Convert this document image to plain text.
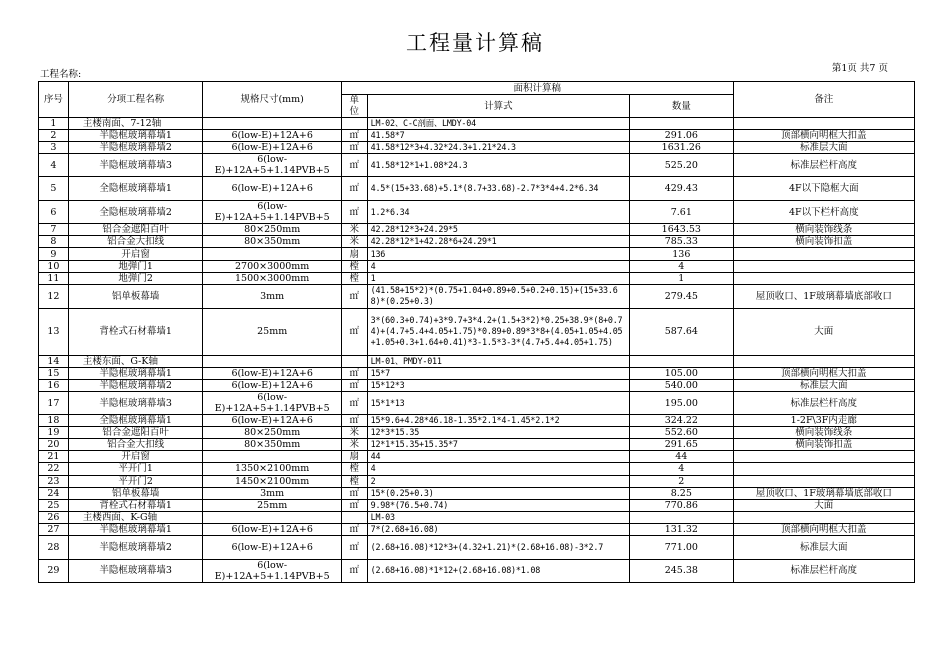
工程量计算稿
工程名称:
第1页 共7 页
序号	分项工程名称	规格尺寸(mm)	面积计算稿			备注
			单位	计算式	数量	
1	主楼南面、7-12轴			LM-02、C-C剖面、LMDY-04		
2	半隐框玻璃幕墙1	6(low-E)+12A+6	㎡	41.58*7	291.06	顶部横向明框大扣盖
3	半隐框玻璃幕墙2	6(low-E)+12A+6	㎡	41.58*12*3+4.32*24.3+1.21*24.3	1631.26	标准层大面
4	半隐框玻璃幕墙3	6(low-E)+12A+5+1.14PVB+5	㎡	41.58*12*1+1.08*24.3	525.20	标准层栏杆高度
5	全隐框玻璃幕墙1	6(low-E)+12A+6	㎡	4.5*(15+33.68)+5.1*(8.7+33.68)-2.7*3*4+4.2*6.34	429.43	4F以下隐框大面
6	全隐框玻璃幕墙2	6(low-E)+12A+5+1.14PVB+5	㎡	1.2*6.34	7.61	4F以下栏杆高度
7	铝合金遮阳百叶	80×250mm	米	42.28*12*3+24.29*5	1643.53	横向装饰线条
8	铝合金大扣线	80×350mm	米	42.28*12*1+42.28*6+24.29*1	785.33	横向装饰扣盖
9	开启窗		扇	136	136	
10	地弹门1	2700×3000mm	樘	4	4	
11	地弹门2	1500×3000mm	樘	1	1	
12	铝单板幕墙	3mm	㎡	(41.58+15*2)*(0.75+1.04+0.89+0.5+0.2+0.15)+(15+33.68)*(0.25+0.3)	279.45	屋顶收口、1F玻璃幕墙底部收口
13	背栓式石材幕墙1	25mm	㎡	3*(60.3+0.74)+3*9.7+3*4.2+(1.5+3*2)*0.25+38.9*(8+0.74)+(4.7+5.4+4.05+1.75)*0.89+0.89*3*8+(4.05+1.05+4.05+1.05+0.3+1.64+0.41)*3-1.5*3-3*(4.7+5.4+4.05+1.75)	587.64	大面
14	主楼东面、G-K轴			LM-01、PMDY-011		
15	半隐框玻璃幕墙1	6(low-E)+12A+6	㎡	15*7	105.00	顶部横向明框大扣盖
16	半隐框玻璃幕墙2	6(low-E)+12A+6	㎡	15*12*3	540.00	标准层大面
17	半隐框玻璃幕墙3	6(low-E)+12A+5+1.14PVB+5	㎡	15*1*13	195.00	标准层栏杆高度
18	全隐框玻璃幕墙1	6(low-E)+12A+6	㎡	15*9.6+4.28*46.18-1.35*2.1*4-1.45*2.1*2	324.22	1-2F\3F内走廊
19	铝合金遮阳百叶	80×250mm	米	12*3*15.35	552.60	横向装饰线条
20	铝合金大扣线	80×350mm	米	12*1*15.35+15.35*7	291.65	横向装饰扣盖
21	开启窗		扇	44	44	
22	平开门1	1350×2100mm	樘	4	4	
23	平开门2	1450×2100mm	樘	2	2	
24	铝单板幕墙	3mm	㎡	15*(0.25+0.3)	8.25	屋顶收口、1F玻璃幕墙底部收口
25	背栓式石材幕墙1	25mm	㎡	9.98*(76.5+0.74)	770.86	大面
26	主楼西面、K-G轴			LM-03		
27	半隐框玻璃幕墙1	6(low-E)+12A+6	㎡	7*(2.68+16.08)	131.32	顶部横向明框大扣盖
28	半隐框玻璃幕墙2	6(low-E)+12A+6	㎡	(2.68+16.08)*12*3+(4.32+1.21)*(2.68+16.08)-3*2.7	771.00	标准层大面
29	半隐框玻璃幕墙3	6(low-E)+12A+5+1.14PVB+5	㎡	(2.68+16.08)*1*12+(2.68+16.08)*1.08	245.38	标准层栏杆高度
